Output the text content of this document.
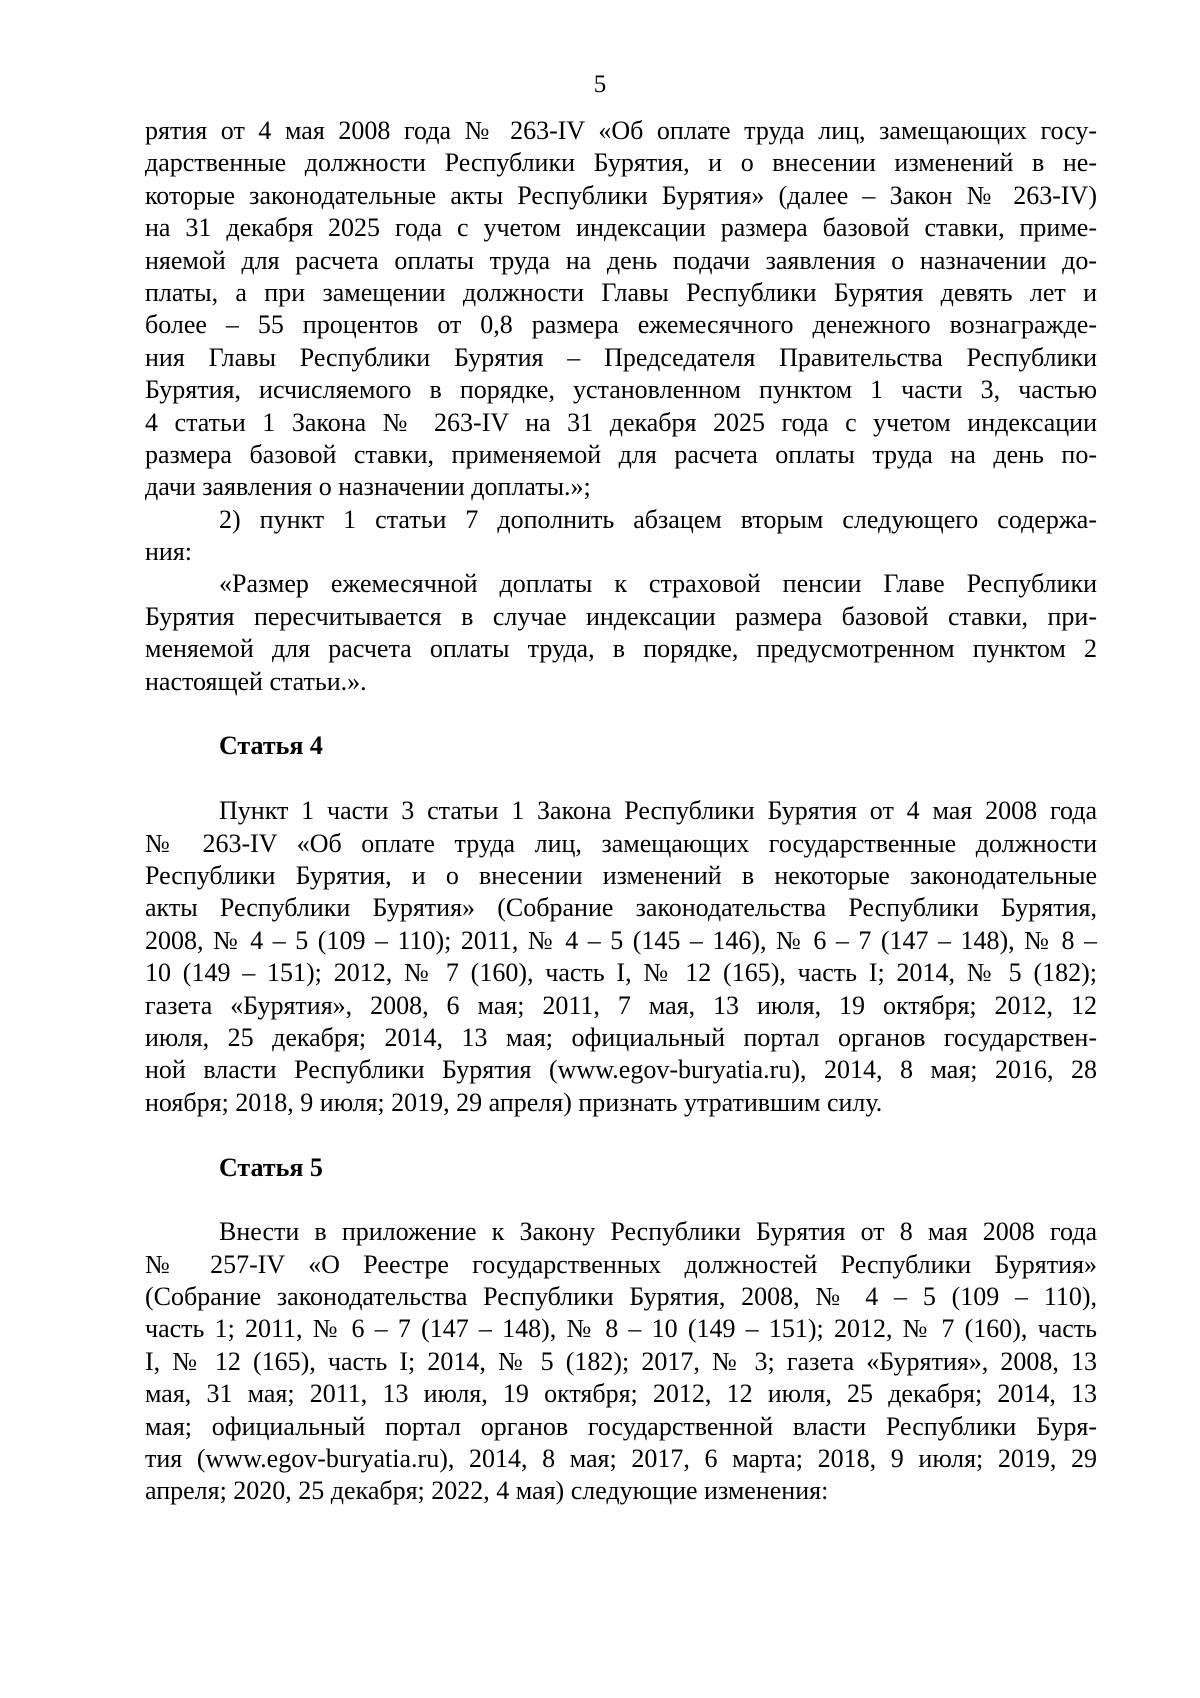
5
рятия от 4 мая 2008 года № 263-IV «Об оплате труда лиц, замещающих госу-
дарственные должности Республики Бурятия, и о внесении изменений в не-
которые законодательные акты Республики Бурятия» (далее – Закон № 263-IV)
на 31 декабря 2025 года с учетом индексации размера базовой ставки, приме-
няемой для расчета оплаты труда на день подачи заявления о назначении до-
платы, а при замещении должности Главы Республики Бурятия девять лет и
более – 55 процентов от 0,8 размера ежемесячного денежного вознагражде-
ния Главы Республики Бурятия – Председателя Правительства Республики
Бурятия, исчисляемого в порядке, установленном пунктом 1 части 3, частью
4 статьи 1 Закона № 263-IV на 31 декабря 2025 года с учетом индексации
размера базовой ставки, применяемой для расчета оплаты труда на день по-
дачи заявления о назначении доплаты.»;
2) пункт 1 статьи 7 дополнить абзацем вторым следующего содержа-
ния:
«Размер ежемесячной доплаты к страховой пенсии Главе Республики
Бурятия пересчитывается в случае индексации размера базовой ставки, при-
меняемой для расчета оплаты труда, в порядке, предусмотренном пунктом 2
настоящей статьи.».
Статья 4
Пункт 1 части 3 статьи 1 Закона Республики Бурятия от 4 мая 2008 года
№ 263-IV «Об оплате труда лиц, замещающих государственные должности
Республики Бурятия, и о внесении изменений в некоторые законодательные
акты Республики Бурятия» (Собрание законодательства Республики Бурятия,
2008, № 4 – 5 (109 – 110); 2011, № 4 – 5 (145 – 146), № 6 – 7 (147 – 148), № 8 –
10 (149 – 151); 2012, № 7 (160), часть I, № 12 (165), часть I; 2014, № 5 (182);
газета «Бурятия», 2008, 6 мая; 2011, 7 мая, 13 июля, 19 октября; 2012, 12
июля, 25 декабря; 2014, 13 мая; официальный портал органов государствен-
ной власти Республики Бурятия (www.egov-buryatia.ru), 2014, 8 мая; 2016, 28
ноября; 2018, 9 июля; 2019, 29 апреля) признать утратившим силу.
Статья 5
Внести в приложение к Закону Республики Бурятия от 8 мая 2008 года
№ 257-IV «О Реестре государственных должностей Республики Бурятия»
(Собрание законодательства Республики Бурятия, 2008, № 4 – 5 (109 – 110),
часть 1; 2011, № 6 – 7 (147 – 148), № 8 – 10 (149 – 151); 2012, № 7 (160), часть
I, № 12 (165), часть I; 2014, № 5 (182); 2017, № 3; газета «Бурятия», 2008, 13
мая, 31 мая; 2011, 13 июля, 19 октября; 2012, 12 июля, 25 декабря; 2014, 13
мая; официальный портал органов государственной власти Республики Буря-
тия (www.egov-buryatia.ru), 2014, 8 мая; 2017, 6 марта; 2018, 9 июля; 2019, 29
апреля; 2020, 25 декабря; 2022, 4 мая) следующие изменения:
